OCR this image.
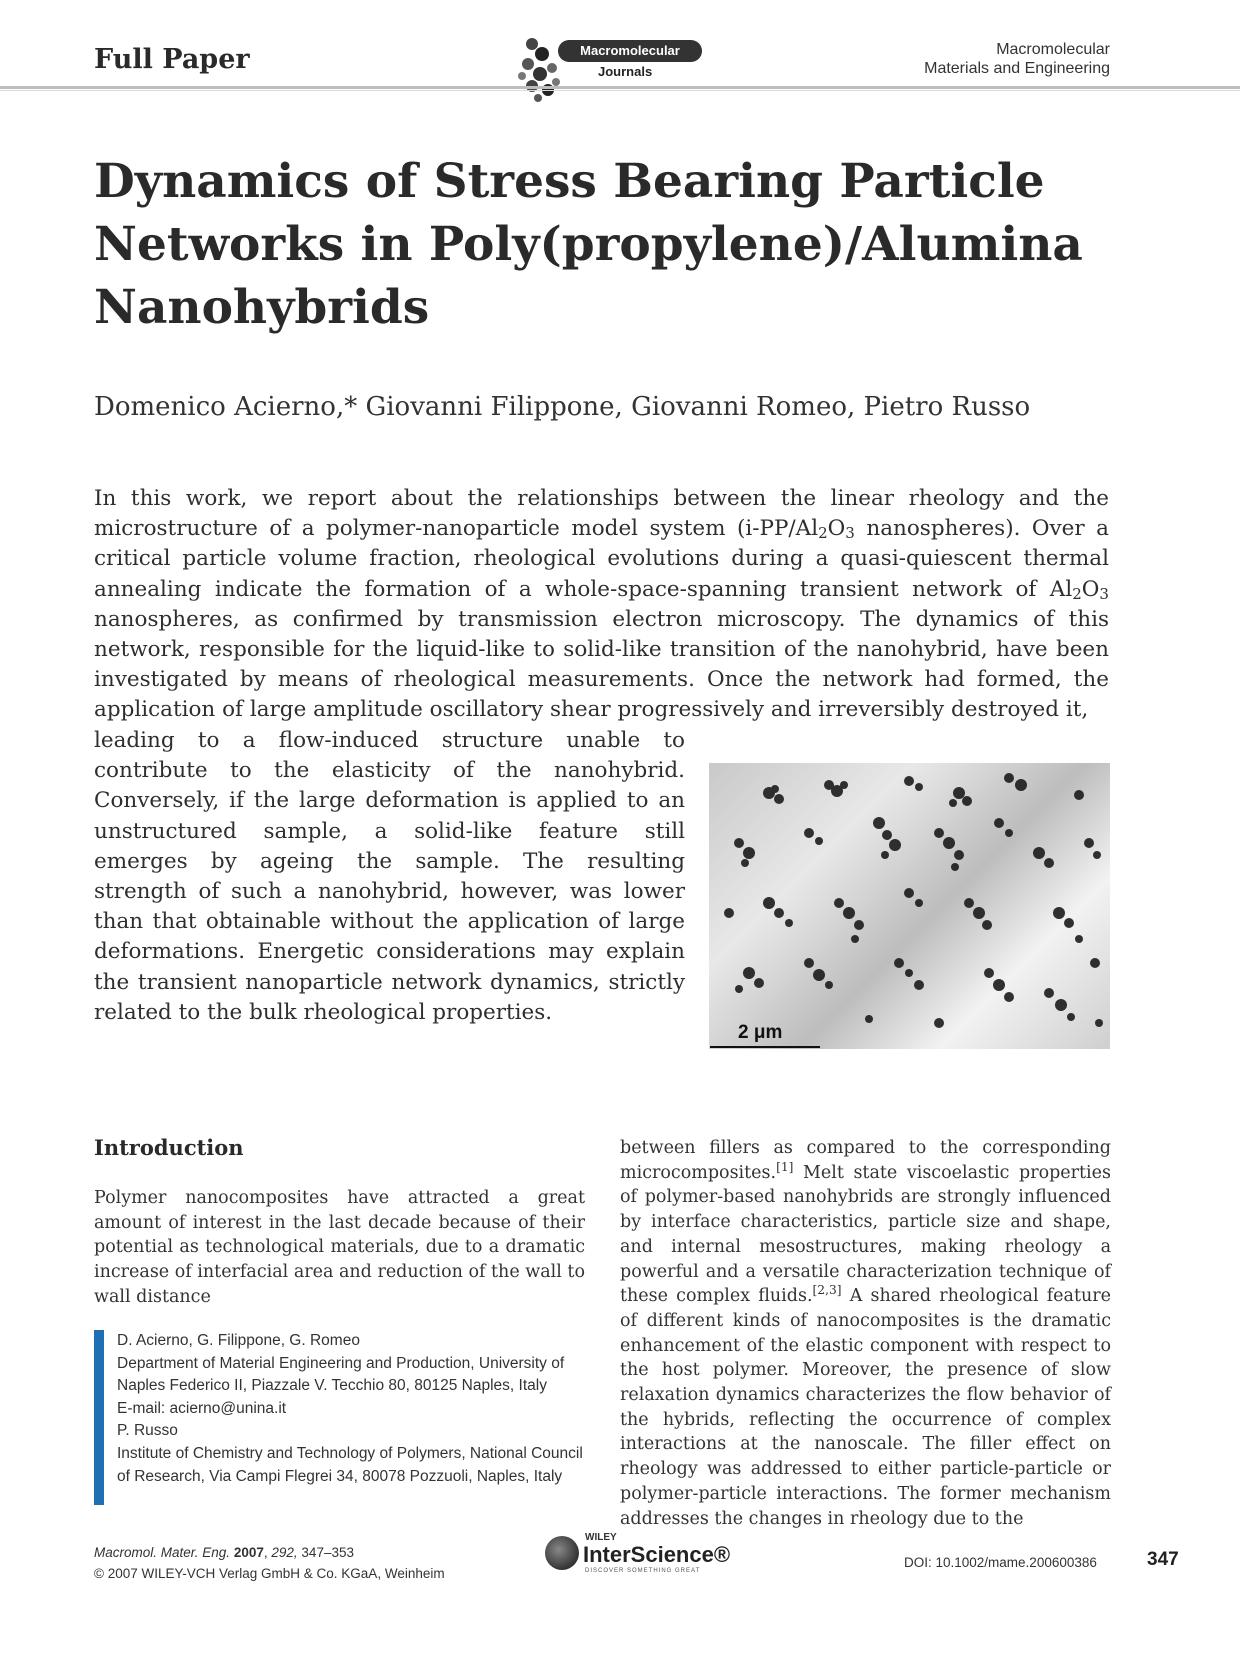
Full Paper	Macromolecular
Journals
Macromolecular
Materials and Engineering
Dynamics of Stress Bearing Particle
Networks in Poly(propylene)/Alumina
Nanohybrids
Domenico Acierno,* Giovanni Filippone, Giovanni Romeo, Pietro Russo
In this work, we report about the relationships between the linear rheology and the microstructure of a polymer-nanoparticle model system ($i-PP/Al_2O_3$ nanospheres). Over a critical particle volume fraction, rheological evolutions during a quasi-quiescent thermal annealing indicate the formation of a whole-space-spanning transient network of $Al_2O_3$ nanospheres, as confirmed by transmission electron microscopy. The dynamics of this network, responsible for the liquid-like to solid-like transition of the nanohybrid, have been investigated by means of rheological measurements. Once the network had formed, the application of large amplitude oscillatory shear progressively and irreversibly destroyed it,
leading to a flow-induced structure unable to contribute to the elasticity of the nanohybrid. Conversely, if the large deformation is applied to an unstructured sample, a solid-like feature still emerges by ageing the sample. The resulting strength of such a nanohybrid, however, was lower than that obtainable without the application of large deformations. Energetic considerations may explain the transient nanoparticle network dynamics, strictly related to the bulk rheological properties.
2 μm
Introduction
Polymer nanocomposites have attracted a great amount of interest in the last decade because of their potential as technological materials, due to a dramatic increase of interfacial area and reduction of the wall to wall distance
between fillers as compared to the corresponding microcomposites.[1] Melt state viscoelastic properties of polymer-based nanohybrids are strongly influenced by interface characteristics, particle size and shape, and internal mesostructures, making rheology a powerful and a versatile characterization technique of these complex fluids.[2,3] A shared rheological feature of different kinds of nanocomposites is the dramatic enhancement of the elastic component with respect to the host polymer. Moreover, the presence of slow relaxation dynamics characterizes the flow behavior of the hybrids, reflecting the occurrence of complex interactions at the nanoscale. The filler effect on rheology was addressed to either particle-particle or polymer-particle interactions. The former mechanism addresses the changes in rheology due to the
D. Acierno, G. Filippone, G. Romeo
Department of Material Engineering and Production, University of Naples Federico II, Piazzale V. Tecchio 80, 80125 Naples, Italy
E-mail: acierno@unina.it
P. Russo
Institute of Chemistry and Technology of Polymers, National Council of Research, Via Campi Flegrei 34, 80078 Pozzuoli, Naples, Italy
Macromol. Mater. Eng. 2007, 292, 347–353
© 2007 WILEY-VCH Verlag GmbH & Co. KGaA, Weinheim
WILEY
InterScience®
DISCOVER SOMETHING GREAT
DOI: 10.1002/mame.200600386	347
